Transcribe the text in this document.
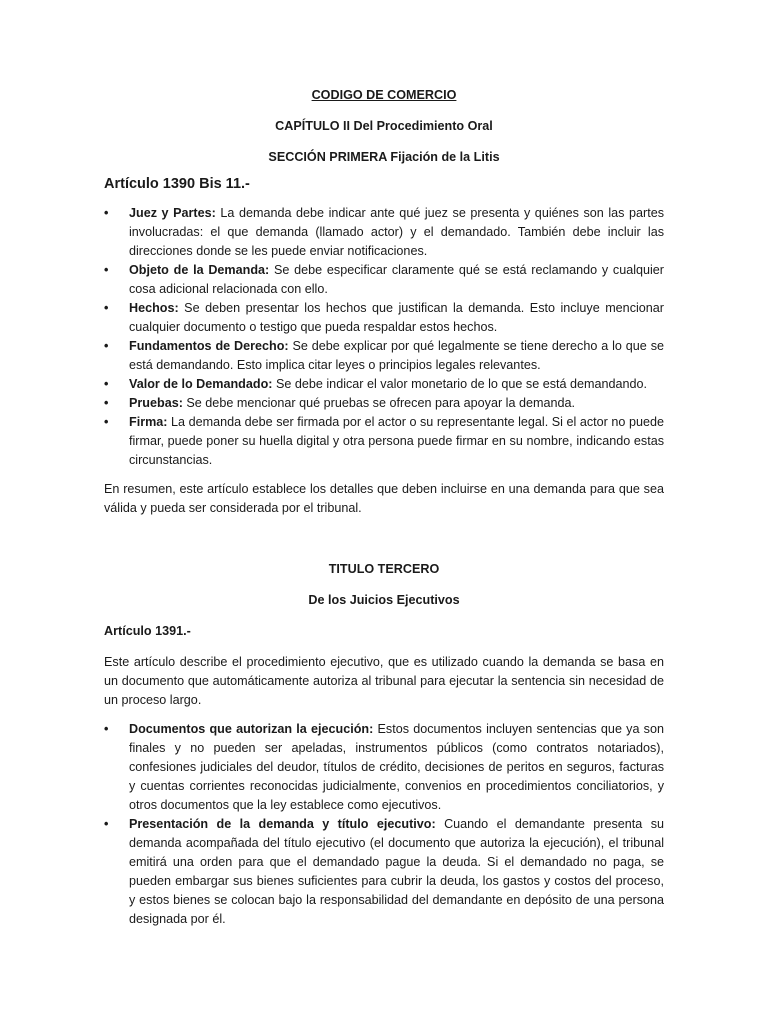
CODIGO DE COMERCIO
CAPÍTULO II Del Procedimiento Oral
SECCIÓN PRIMERA Fijación de la Litis
Artículo 1390 Bis 11.-
• Juez y Partes: La demanda debe indicar ante qué juez se presenta y quiénes son las partes involucradas: el que demanda (llamado actor) y el demandado. También debe incluir las direcciones donde se les puede enviar notificaciones.
• Objeto de la Demanda: Se debe especificar claramente qué se está reclamando y cualquier cosa adicional relacionada con ello.
• Hechos: Se deben presentar los hechos que justifican la demanda. Esto incluye mencionar cualquier documento o testigo que pueda respaldar estos hechos.
• Fundamentos de Derecho: Se debe explicar por qué legalmente se tiene derecho a lo que se está demandando. Esto implica citar leyes o principios legales relevantes.
• Valor de lo Demandado: Se debe indicar el valor monetario de lo que se está demandando.
• Pruebas: Se debe mencionar qué pruebas se ofrecen para apoyar la demanda.
• Firma: La demanda debe ser firmada por el actor o su representante legal. Si el actor no puede firmar, puede poner su huella digital y otra persona puede firmar en su nombre, indicando estas circunstancias.

En resumen, este artículo establece los detalles que deben incluirse en una demanda para que sea válida y pueda ser considerada por el tribunal.

TITULO TERCERO
De los Juicios Ejecutivos
Artículo 1391.-

Este artículo describe el procedimiento ejecutivo, que es utilizado cuando la demanda se basa en un documento que automáticamente autoriza al tribunal para ejecutar la sentencia sin necesidad de un proceso largo.

• Documentos que autorizan la ejecución: Estos documentos incluyen sentencias que ya son finales y no pueden ser apeladas, instrumentos públicos (como contratos notariados), confesiones judiciales del deudor, títulos de crédito, decisiones de peritos en seguros, facturas y cuentas corrientes reconocidas judicialmente, convenios en procedimientos conciliatorios, y otros documentos que la ley establece como ejecutivos.
• Presentación de la demanda y título ejecutivo: Cuando el demandante presenta su demanda acompañada del título ejecutivo (el documento que autoriza la ejecución), el tribunal emitirá una orden para que el demandado pague la deuda. Si el demandado no paga, se pueden embargar sus bienes suficientes para cubrir la deuda, los gastos y costos del proceso, y estos bienes se colocan bajo la responsabilidad del demandante en depósito de una persona designada por él.
